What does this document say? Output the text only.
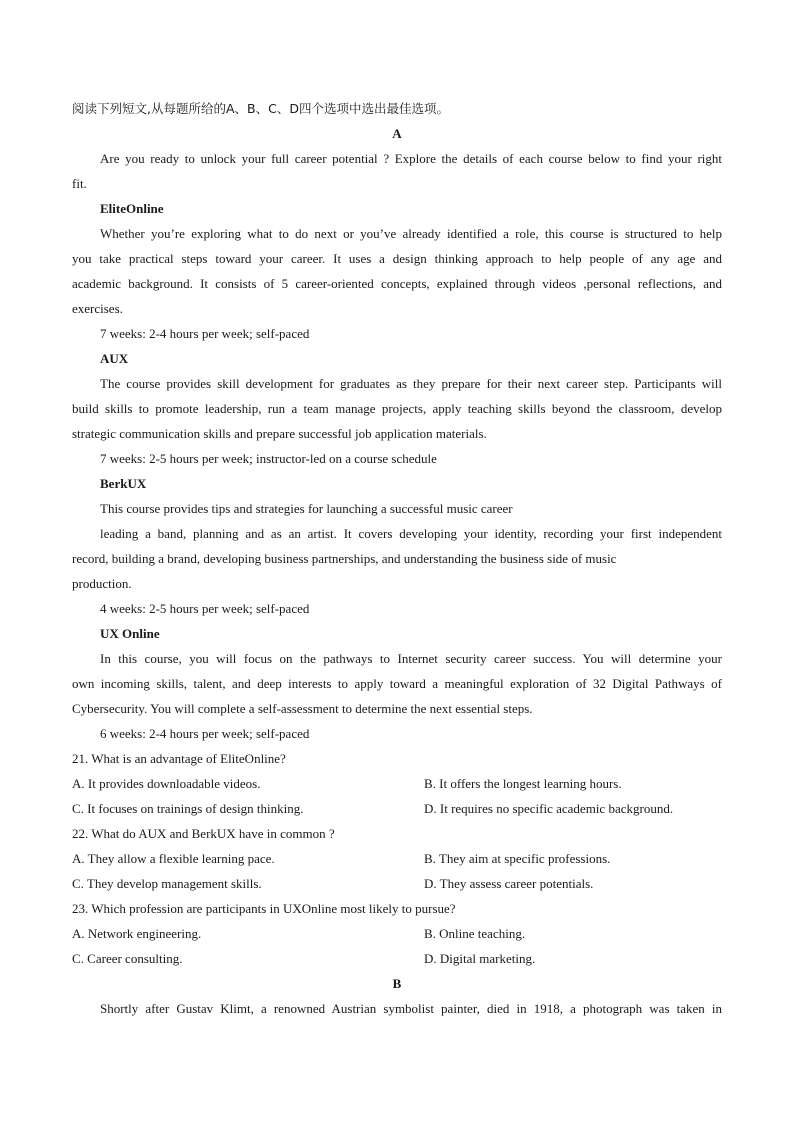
阅读下列短文,从每题所给的A、B、C、D四个选项中选出最佳选项。
A
Are you ready to unlock your full career potential ? Explore the details of each course below to find your right
fit.
EliteOnline
Whether you’re exploring what to do next or you’ve already identified a role, this course is structured to help
you take practical steps toward your career. It uses a design thinking approach to help people of any age and
academic background. It consists of 5 career-oriented concepts, explained through videos ,personal reflections, and
exercises.
7 weeks: 2-4 hours per week; self-paced
AUX
The course provides skill development for graduates as they prepare for their next career step. Participants will
build skills to promote leadership, run a team manage projects, apply teaching skills beyond the classroom, develop
strategic communication skills and prepare successful job application materials.
7 weeks: 2-5 hours per week; instructor-led on a course schedule
BerkUX
This course provides tips and strategies for launching a successful music career
leading a band, planning and as an artist. It covers developing your identity, recording your first independent
record, building a brand, developing business partnerships, and understanding the business side of music
production.
4 weeks: 2-5 hours per week; self-paced
UX Online
In this course, you will focus on the pathways to Internet security career success. You will determine your
own incoming skills, talent, and deep interests to apply toward a meaningful exploration of 32 Digital Pathways of
Cybersecurity. You will complete a self-assessment to determine the next essential steps.
6 weeks: 2-4 hours per week; self-paced
21. What is an advantage of EliteOnline?
A. It provides downloadable videos.	B. It offers the longest learning hours.
C. It focuses on trainings of design thinking.	D. It requires no specific academic background.
22. What do AUX and BerkUX have in common ?
A. They allow a flexible learning pace.	B. They aim at specific professions.
C. They develop management skills.	D. They assess career potentials.
23. Which profession are participants in UXOnline most likely to pursue?
A. Network engineering.	B. Online teaching.
C. Career consulting.	D. Digital marketing.
B
Shortly after Gustav Klimt, a renowned Austrian symbolist painter, died in 1918, a photograph was taken in
